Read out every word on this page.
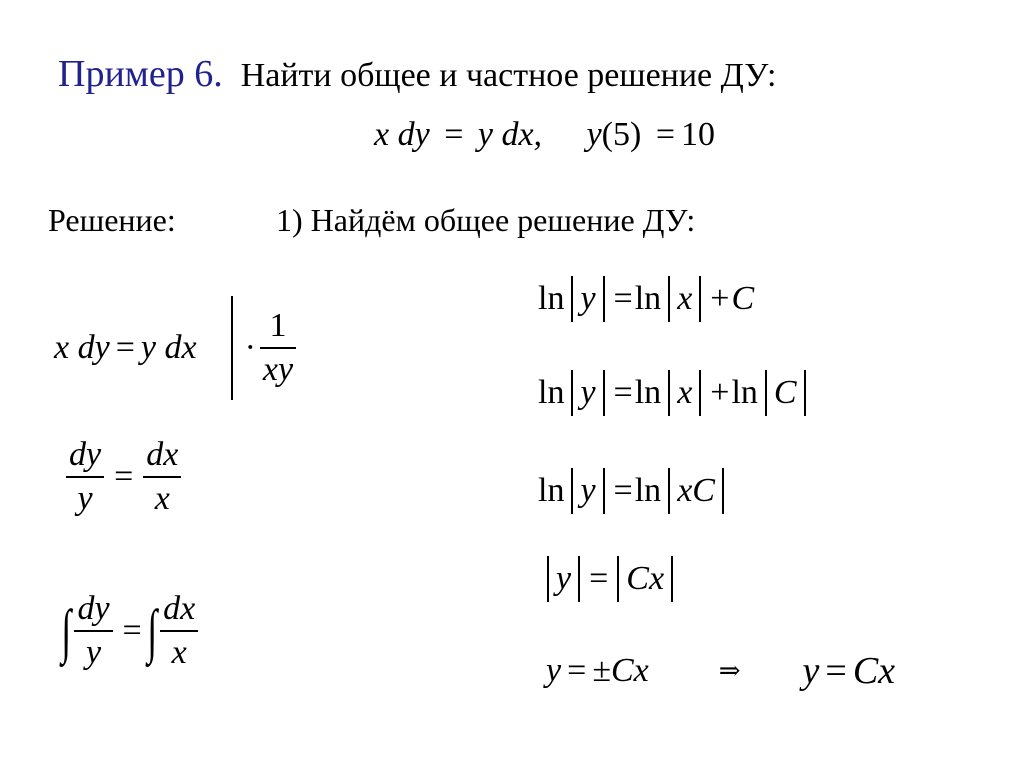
Пример 6. Найти общее и частное решение ДУ:
x dy = y dx, y(5) = 10
Решение:	1) Найдём общее решение ДУ:
x dy = y dx · $\frac{1}{xy}$
$\frac{dy}{y} = \frac{dx}{x}$
∫ $\frac{dy}{y}$ = ∫ $\frac{dx}{x}$
ln y = ln x + C
ln y = ln x + ln C
ln y = ln xC
y = Cx
y = ±Cx	⇒ y = Cx
